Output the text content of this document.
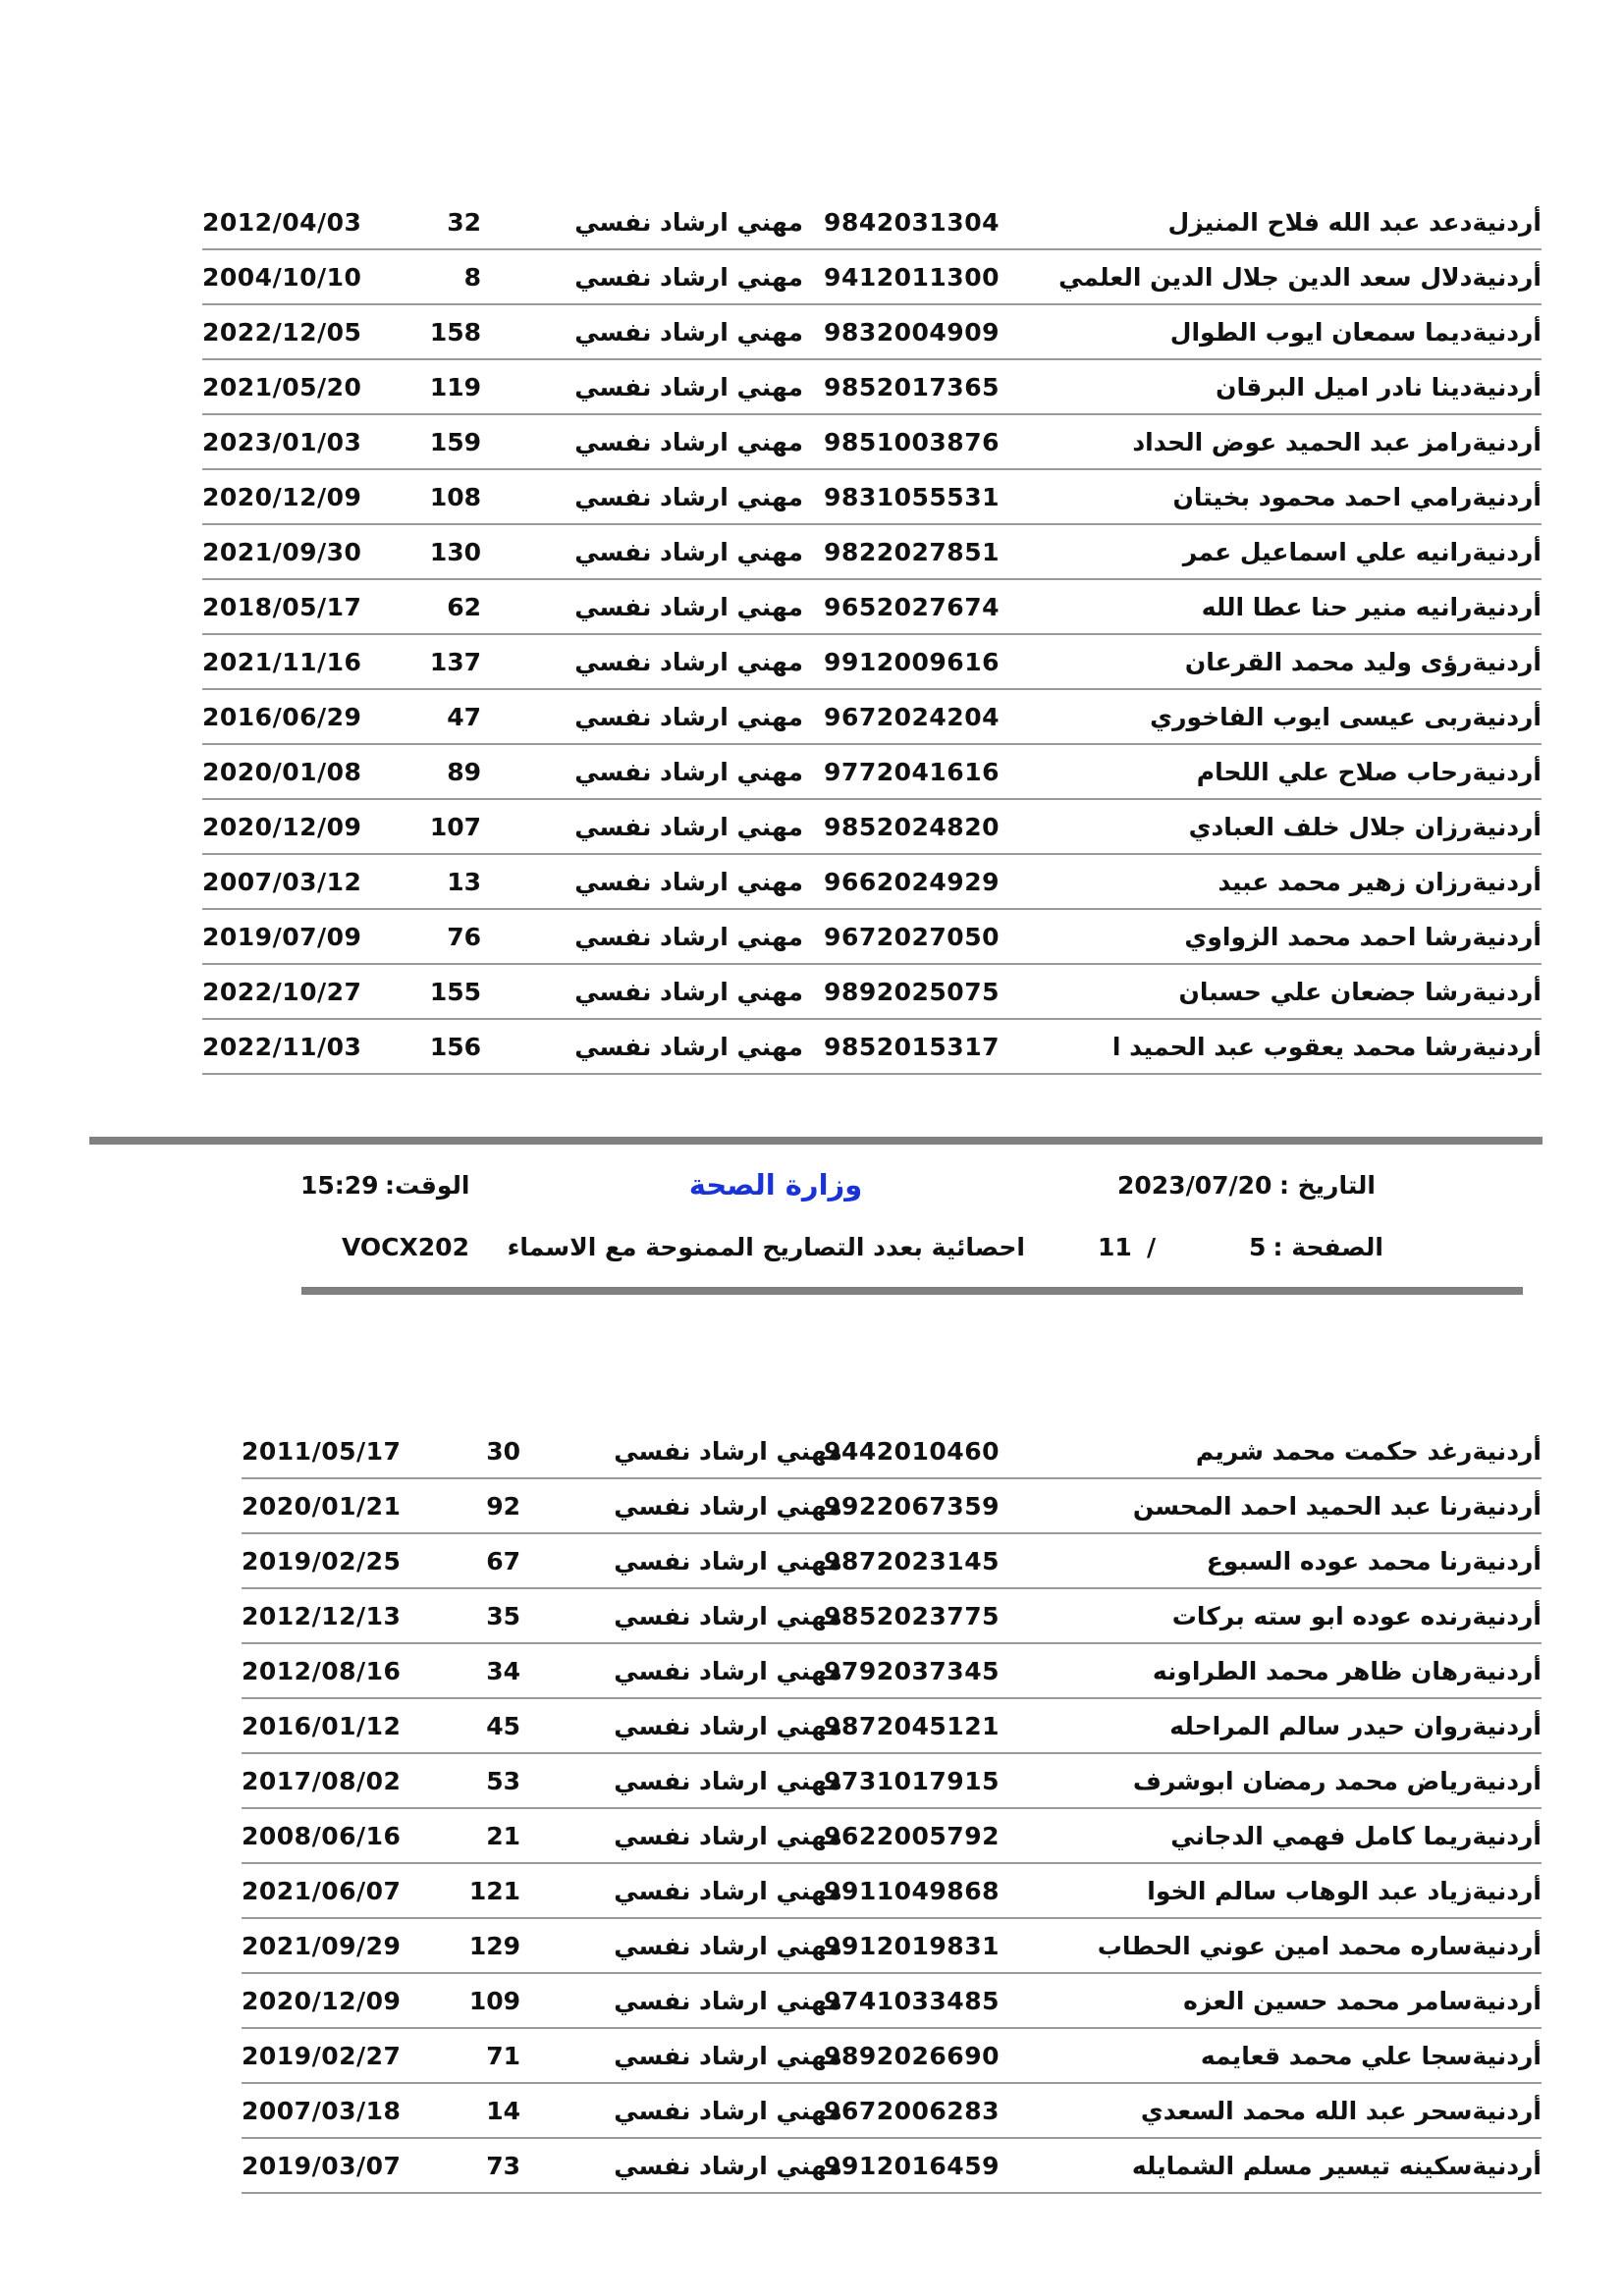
أردنيةدعد عبد الله فلاح المنيزل
9842031304
مهني ارشاد نفسي
32
2012/04/03
أردنيةدلال سعد الدين جلال الدين العلمي
9412011300
مهني ارشاد نفسي
8
2004/10/10
أردنيةديما سمعان ايوب الطوال
9832004909
مهني ارشاد نفسي
158
2022/12/05
أردنيةدينا نادر اميل البرقان
9852017365
مهني ارشاد نفسي
119
2021/05/20
أردنيةرامز عبد الحميد عوض الحداد
9851003876
مهني ارشاد نفسي
159
2023/01/03
أردنيةرامي احمد محمود بخيتان
9831055531
مهني ارشاد نفسي
108
2020/12/09
أردنيةرانيه علي اسماعيل عمر
9822027851
مهني ارشاد نفسي
130
2021/09/30
أردنيةرانيه منير حنا عطا الله
9652027674
مهني ارشاد نفسي
62
2018/05/17
أردنيةرؤى وليد محمد القرعان
9912009616
مهني ارشاد نفسي
137
2021/11/16
أردنيةربى عيسى ايوب الفاخوري
9672024204
مهني ارشاد نفسي
47
2016/06/29
أردنيةرحاب صلاح علي اللحام
9772041616
مهني ارشاد نفسي
89
2020/01/08
أردنيةرزان جلال خلف العبادي
9852024820
مهني ارشاد نفسي
107
2020/12/09
أردنيةرزان زهير محمد عبيد
9662024929
مهني ارشاد نفسي
13
2007/03/12
أردنيةرشا احمد محمد الزواوي
9672027050
مهني ارشاد نفسي
76
2019/07/09
أردنيةرشا جضعان علي حسبان
9892025075
مهني ارشاد نفسي
155
2022/10/27
أردنيةرشا محمد يعقوب عبد الحميد ا
9852015317
مهني ارشاد نفسي
156
2022/11/03
التاريخ :
2023/07/20
وزارة الصحة
الوقت:
15:29
الصفحة :
5
/
11
احصائية بعدد التصاريح الممنوحة مع الاسماء
VOCX202
أردنيةرغد حكمت محمد شريم
9442010460
مهني ارشاد نفسي
30
2011/05/17
أردنيةرنا عبد الحميد احمد المحسن
9922067359
مهني ارشاد نفسي
92
2020/01/21
أردنيةرنا محمد عوده السبوع
9872023145
مهني ارشاد نفسي
67
2019/02/25
أردنيةرنده عوده ابو سته بركات
9852023775
مهني ارشاد نفسي
35
2012/12/13
أردنيةرهان ظاهر محمد الطراونه
9792037345
مهني ارشاد نفسي
34
2012/08/16
أردنيةروان حيدر سالم المراحله
9872045121
مهني ارشاد نفسي
45
2016/01/12
أردنيةرياض محمد رمضان ابوشرف
9731017915
مهني ارشاد نفسي
53
2017/08/02
أردنيةريما كامل فهمي الدجاني
9622005792
مهني ارشاد نفسي
21
2008/06/16
أردنيةزياد عبد الوهاب سالم الخوا
9911049868
مهني ارشاد نفسي
121
2021/06/07
أردنيةساره محمد امين عوني الحطاب
9912019831
مهني ارشاد نفسي
129
2021/09/29
أردنيةسامر محمد حسين العزه
9741033485
مهني ارشاد نفسي
109
2020/12/09
أردنيةسجا علي محمد قعايمه
9892026690
مهني ارشاد نفسي
71
2019/02/27
أردنيةسحر عبد الله محمد السعدي
9672006283
مهني ارشاد نفسي
14
2007/03/18
أردنيةسكينه تيسير مسلم الشمايله
9912016459
مهني ارشاد نفسي
73
2019/03/07
